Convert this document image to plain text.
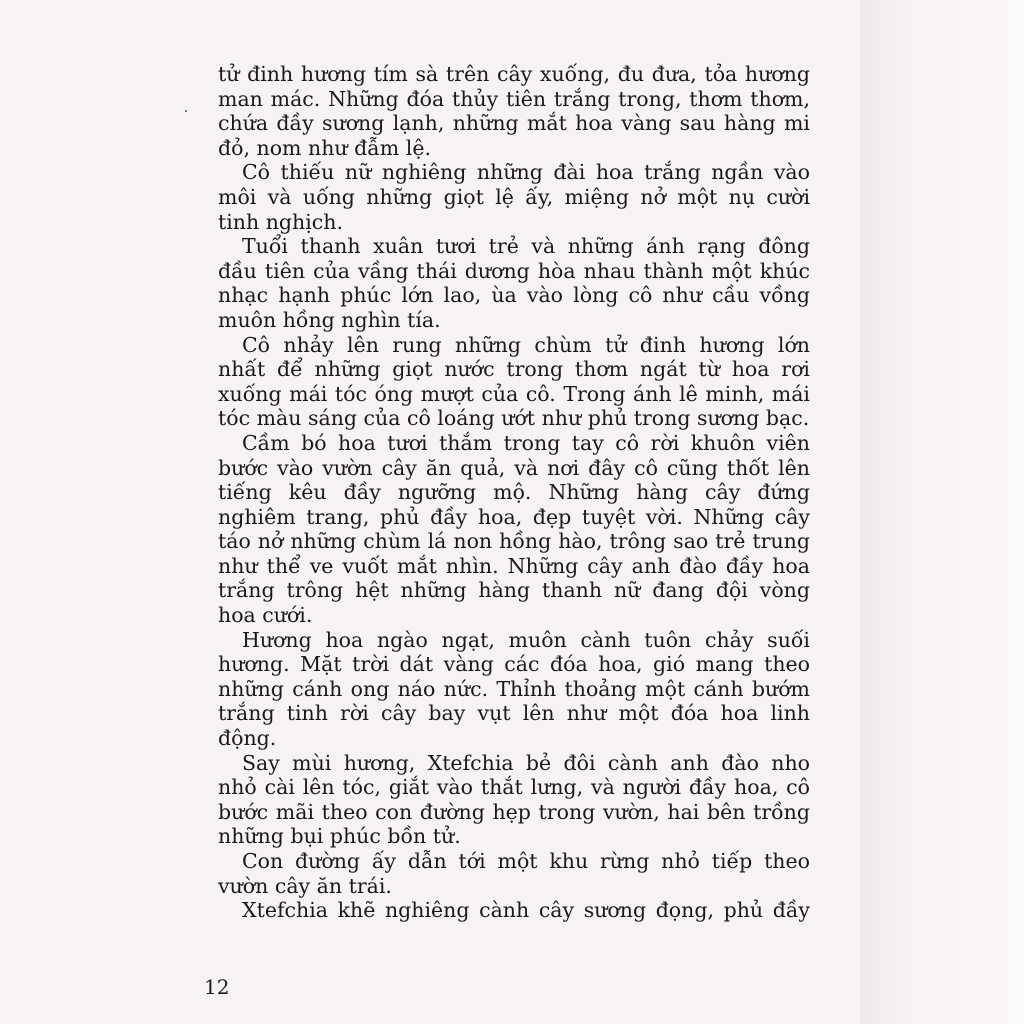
tử đinh hương tím sà trên cây xuống, đu đưa, tỏa hương
man mác. Những đóa thủy tiên trắng trong, thơm thơm,
chứa đầy sương lạnh, những mắt hoa vàng sau hàng mi
đỏ, nom như đẫm lệ.
Cô thiếu nữ nghiêng những đài hoa trắng ngần vào
môi và uống những giọt lệ ấy, miệng nở một nụ cười
tinh nghịch.
Tuổi thanh xuân tươi trẻ và những ánh rạng đông
đầu tiên của vầng thái dương hòa nhau thành một khúc
nhạc hạnh phúc lớn lao, ùa vào lòng cô như cầu vồng
muôn hồng nghìn tía.
Cô nhảy lên rung những chùm tử đinh hương lớn
nhất để những giọt nước trong thơm ngát từ hoa rơi
xuống mái tóc óng mượt của cô. Trong ánh lê minh, mái
tóc màu sáng của cô loáng ướt như phủ trong sương bạc.
Cầm bó hoa tươi thắm trong tay cô rời khuôn viên
bước vào vườn cây ăn quả, và nơi đây cô cũng thốt lên
tiếng kêu đầy ngưỡng mộ. Những hàng cây đứng
nghiêm trang, phủ đầy hoa, đẹp tuyệt vời. Những cây
táo nở những chùm lá non hồng hào, trông sao trẻ trung
như thể ve vuốt mắt nhìn. Những cây anh đào đầy hoa
trắng trông hệt những hàng thanh nữ đang đội vòng
hoa cưới.
Hương hoa ngào ngạt, muôn cành tuôn chảy suối
hương. Mặt trời dát vàng các đóa hoa, gió mang theo
những cánh ong náo nức. Thỉnh thoảng một cánh bướm
trắng tinh rời cây bay vụt lên như một đóa hoa linh
động.
Say mùi hương, Xtefchia bẻ đôi cành anh đào nho
nhỏ cài lên tóc, giắt vào thắt lưng, và người đầy hoa, cô
bước mãi theo con đường hẹp trong vườn, hai bên trồng
những bụi phúc bồn tử.
Con đường ấy dẫn tới một khu rừng nhỏ tiếp theo
vườn cây ăn trái.
Xtefchia khẽ nghiêng cành cây sương đọng, phủ đầy
12
